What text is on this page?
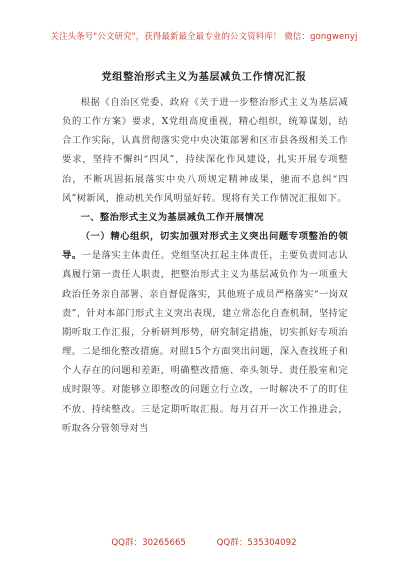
关注头条号"公文研究"，获得最新最全最专业的公文资料库！ 微信：gongwenyj
党组整治形式主义为基层减负工作情况汇报

根据《自治区党委、政府《关于进一步整治形式主义为基层减负的工作方案》要求，X党组高度重视，精心组织，统筹谋划，结合工作实际，认真贯彻落实党中央决策部署和区市县各级相关工作要求，坚持不懈纠“四风”，持续深化作风建设，扎实开展专项整治，不断巩固拓展落实中央八项规定精神成果，驰而不息纠“四风”树新风，推动机关作风明显好转。现将有关工作情况汇报如下。

一、整治形式主义为基层减负工作开展情况

（一）精心组织，切实加强对形式主义突出问题专项整治的领导。一是落实主体责任。党组坚决扛起主体责任，主要负责同志认真履行第一责任人职责，把整治形式主义为基层减负作为一项重大政治任务亲自部署、亲自督促落实，其他班子成员严格落实“一岗双责”，针对本部门形式主义突出表现，建立常态化自查机制，坚持定期听取工作汇报，分析研判形势，研究制定措施，切实抓好专项治理。二是细化整改措施。对照15个方面突出问题，深入查找班子和个人存在的问题和差距，明确整改措施、牵头领导、责任股室和完成时限等。对能够立即整改的问题立行立改，一时解决不了的盯住不放、持续整改。三是定期听取汇报。每月召开一次工作推进会，听取各分管领导对当

QQ群：30265665	QQ群：535304092
